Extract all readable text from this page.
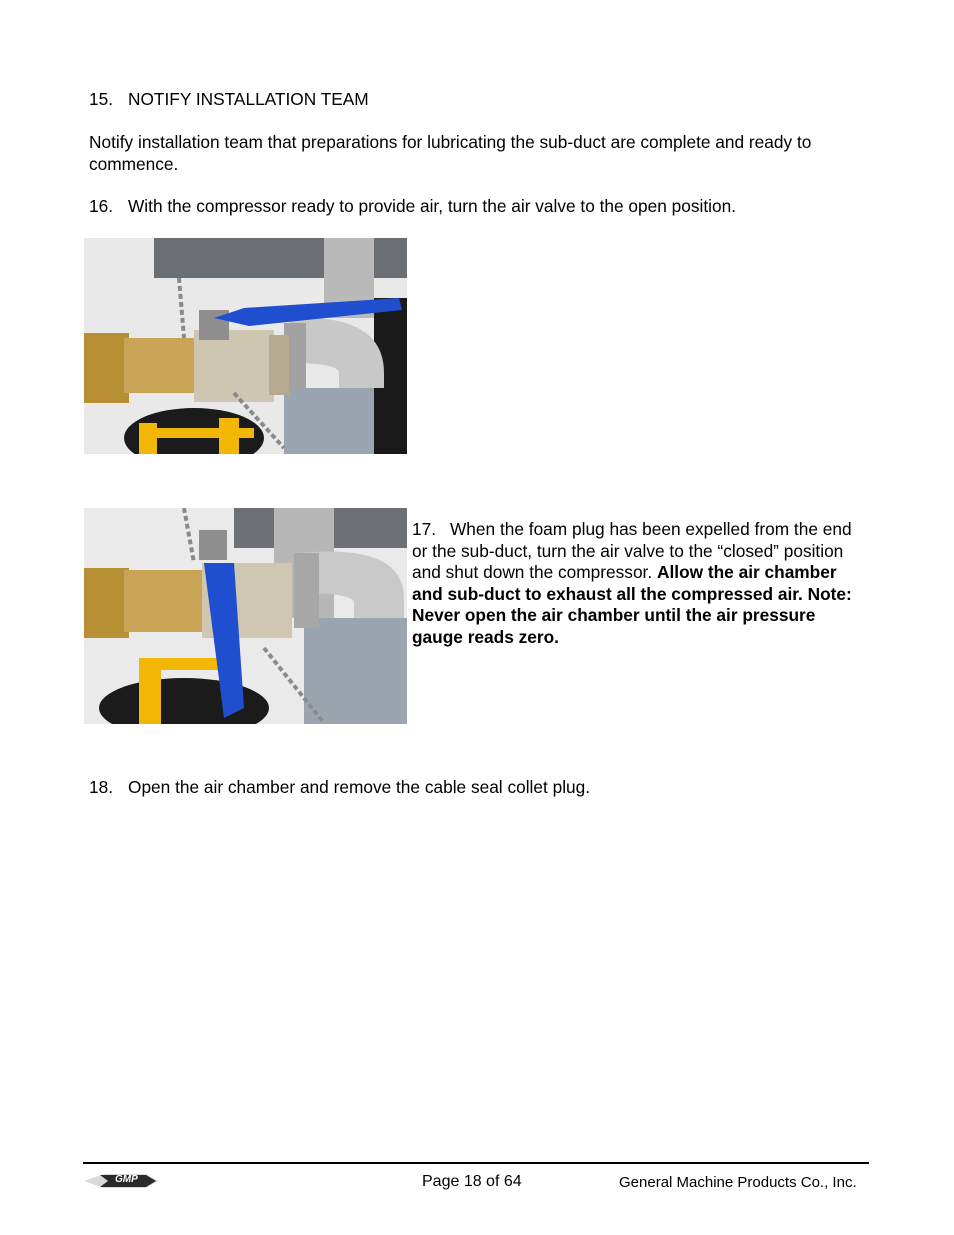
15. NOTIFY INSTALLATION TEAM
Notify installation team that preparations for lubricating the sub-duct are complete and ready to commence.
16. With the compressor ready to provide air, turn the air valve to the open position.
17. When the foam plug has been expelled from the end or the sub-duct, turn the air valve to the “closed” position and shut down the compressor. Allow the air chamber and sub-duct to exhaust all the compressed air. Note: Never open the air chamber until the air pressure gauge reads zero.
18. Open the air chamber and remove the cable seal collet plug.
GMP	Page 18 of 64	General Machine Products Co., Inc.
